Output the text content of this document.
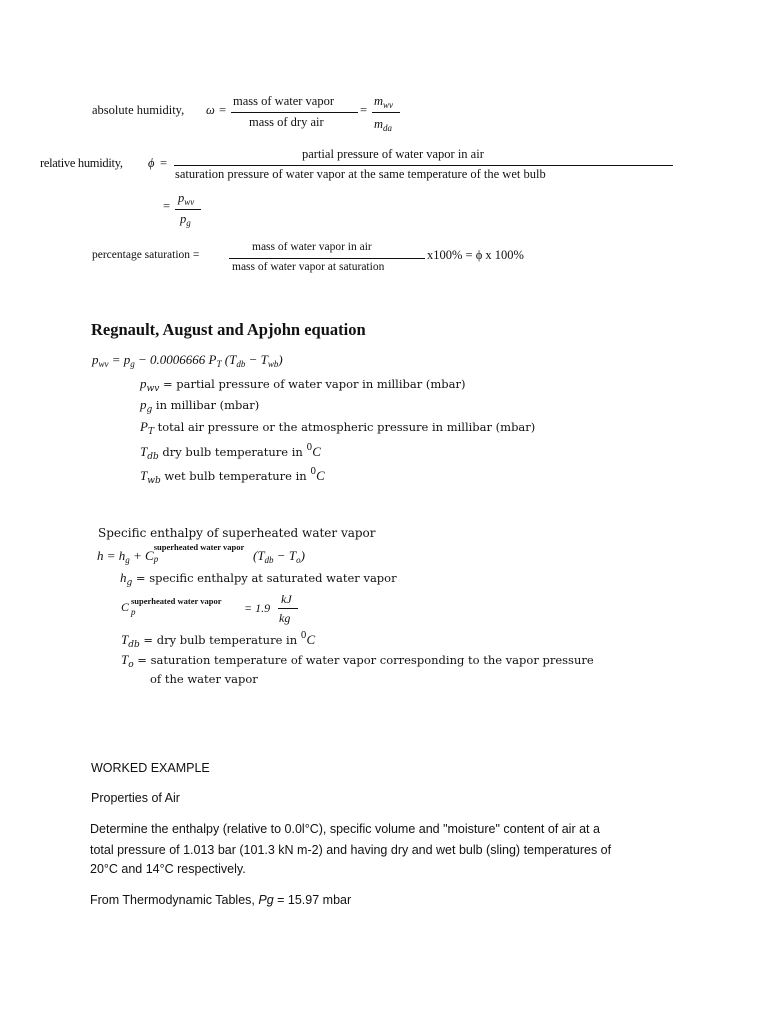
absolute humidity, ω =
mass of water vapor
mass of dry air
=
$m_{wv}$
$m_{da}$
relative humidity, ϕ =
partial pressure of water vapor in air
saturation pressure of water vapor at the same temperature of the wet bulb
=
$p_{wv}$
$p_g$
percentage saturation =
mass of water vapor in air
mass of water vapor at saturation
x100% = ϕ x 100%
Regnault, August and Apjohn equation
$p_{wv} = p_g - 0.0006666$ $P_T$ $(T_{db} - T_{wb})$
$p_{wv}$ = partial pressure of water vapor in millibar (mbar)
$p_g$ in millibar (mbar)
$P_T$ total air pressure or the atmospheric pressure in millibar (mbar)
$T_{db}$ dry bulb temperature in $^0$C
$T_{wb}$ wet bulb temperature in $^0$C
Specific enthalpy of superheated water vapor
$h = h_g + C$
superheated water vapor
p	$(T_{db} - T_o)$
$h_g$ = specific enthalpy at saturated water vapor
C superheated water vapor
p	= 1.9
kJ
kg
$T_{db}$ = dry bulb temperature in $^0$C
$T_o$ = saturation temperature of water vapor corresponding to the vapor pressure
of the water vapor
WORKED EXAMPLE
Properties of Air
Determine the enthalpy (relative to 0.0l°C), specific volume and "moisture" content of air at a
total pressure of 1.013 bar (101.3 kN m-2) and having dry and wet bulb (sling) temperatures of
20°C and 14°C respectively.
From Thermodynamic Tables, Pg = 15.97 mbar
